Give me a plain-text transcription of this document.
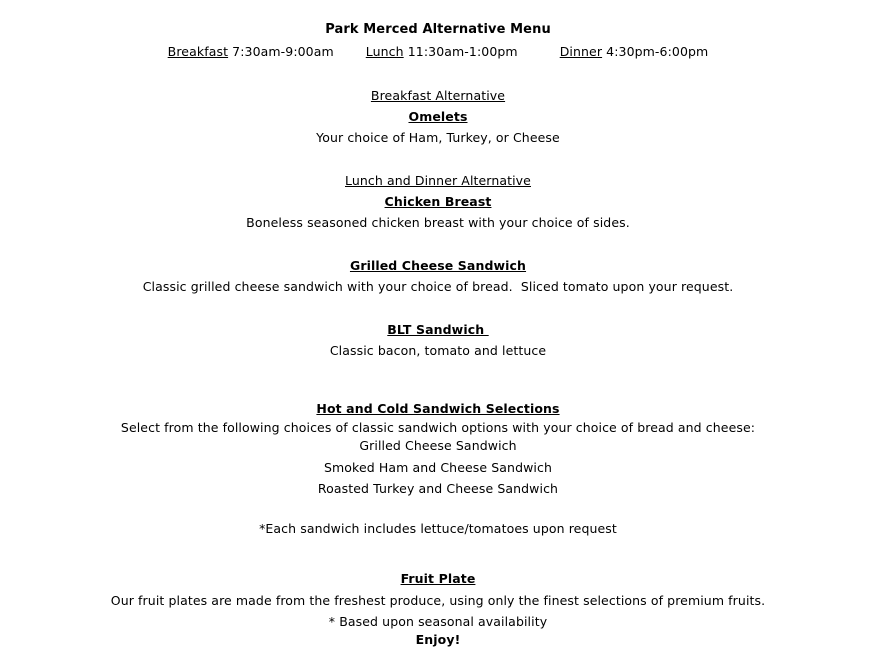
Park Merced Alternative Menu
Breakfast 7:30am-9:00am	Lunch 11:30am-1:00pm	Dinner 4:30pm-6:00pm
Breakfast Alternative
Omelets
Your choice of Ham, Turkey, or Cheese
Lunch and Dinner Alternative
Chicken Breast
Boneless seasoned chicken breast with your choice of sides.
Grilled Cheese Sandwich
Classic grilled cheese sandwich with your choice of bread.  Sliced tomato upon your request.
BLT Sandwich
Classic bacon, tomato and lettuce
Hot and Cold Sandwich Selections
Select from the following choices of classic sandwich options with your choice of bread and cheese:
Grilled Cheese Sandwich
Smoked Ham and Cheese Sandwich
Roasted Turkey and Cheese Sandwich
*Each sandwich includes lettuce/tomatoes upon request
Fruit Plate
Our fruit plates are made from the freshest produce, using only the finest selections of premium fruits.
* Based upon seasonal availability
Enjoy!
